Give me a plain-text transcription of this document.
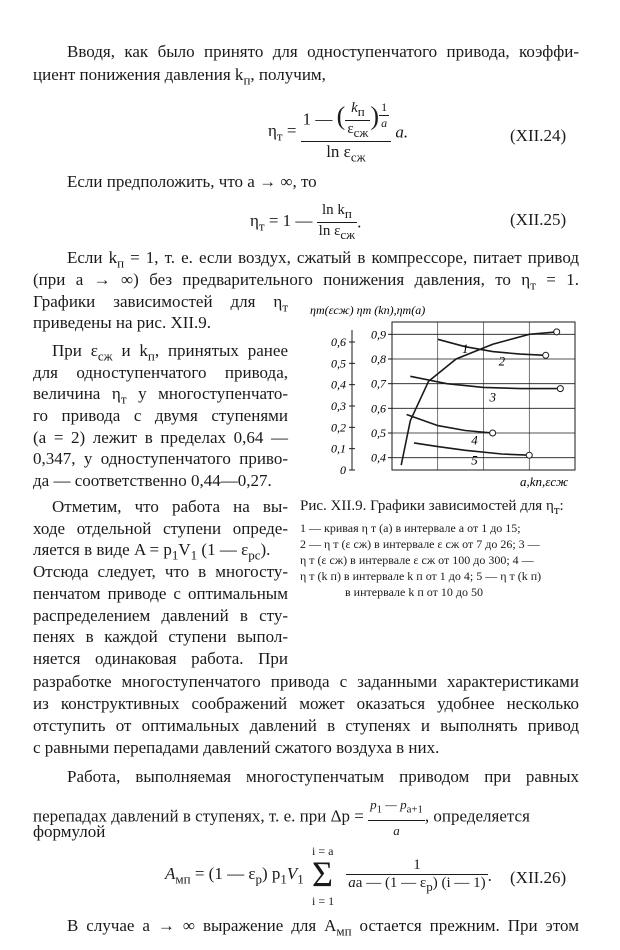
Вводя, как было принято для одноступенчатого привода, коэффи-
циент понижения давления $k_п$, получим,
$\eta_т = 1$ — ( $\frac{k_п}{\varepsilon_{сж}}$ ) $^{\frac{1}{a}}$
$\ln \varepsilon_{сж}$ a.	(XII.24)
Если предположить, что a → ∞, то
$\eta_т = 1$ — $\frac{\ln k_п}{\ln \varepsilon_{сж}}$ .	(XII.25)
Если $k_п = 1$, т. е. если воздух, сжатый в компрессоре, питает привод
(при a → ∞) без предварительного понижения давления, то $\eta_т = 1$.
Графики зависимостей для $\eta_т$
приведены на рис. XII.9.
При $\varepsilon_{сж}$ и $k_п$, принятых ранее
для одноступенчатого привода,
величина $\eta_т$ у многоступенчато-
го привода с двумя ступенями
(a = 2) лежит в пределах 0,64 —
0,347, у одноступенчатого приво-
да — соответственно 0,44—0,27.
Отметим, что работа на вы-
ходе отдельной ступени опреде-
ляется в виде $A = p_1V_1$ (1 — $\varepsilon_{рс}$).
Отсюда следует, что в многосту-
пенчатом приводе с оптимальным
распределением давлений в сту-
пенях в каждой ступени выпол-
няется одинаковая работа. При
разработке многоступенчатого привода с заданными характеристиками
из конструктивных соображений может оказаться удобнее несколько
отступить от оптимальных давлений в ступенях и выполнять привод
с равными перепадами давлений сжатого воздуха в них.
ηт(εсж) ηт (kп),ηт(a)
0,9
0,8
0,7
0,6
0,5
0,4
0,6
0,5
0,4
0,3
0,2
0,1
0
1
2
3
4
5
a,kп,εсж
Рис. XII.9. Графики зависимостей для $\eta_т$:
1 — кривая η т (a) в интервале a от 1 до 15;
2 — η т (ε сж) в интервале ε сж от 7 до 26; 3 —
η т (ε сж) в интервале ε сж от 100 до 300; 4 —
η т (k п) в интервале k п от 1 до 4; 5 — η т (k п)
в интервале k п от 10 до 50
Работа, выполняемая многоступенчатым приводом при равных
перепадах давлений в ступенях, т. е. при $\Delta p = \frac{p_1 — p_{a+1}}{a}$ , определяется
формулой
$A_{мп} = (1$ — $\varepsilon_р$) $p_1V_1$
i = a
Σ
i = 1

$\frac{1}{aa — (1 — \varepsilon_р) (i — 1)}$ . (XII.26)
В случае a → ∞ выражение для $A_{мп}$ остается прежним. При этом
